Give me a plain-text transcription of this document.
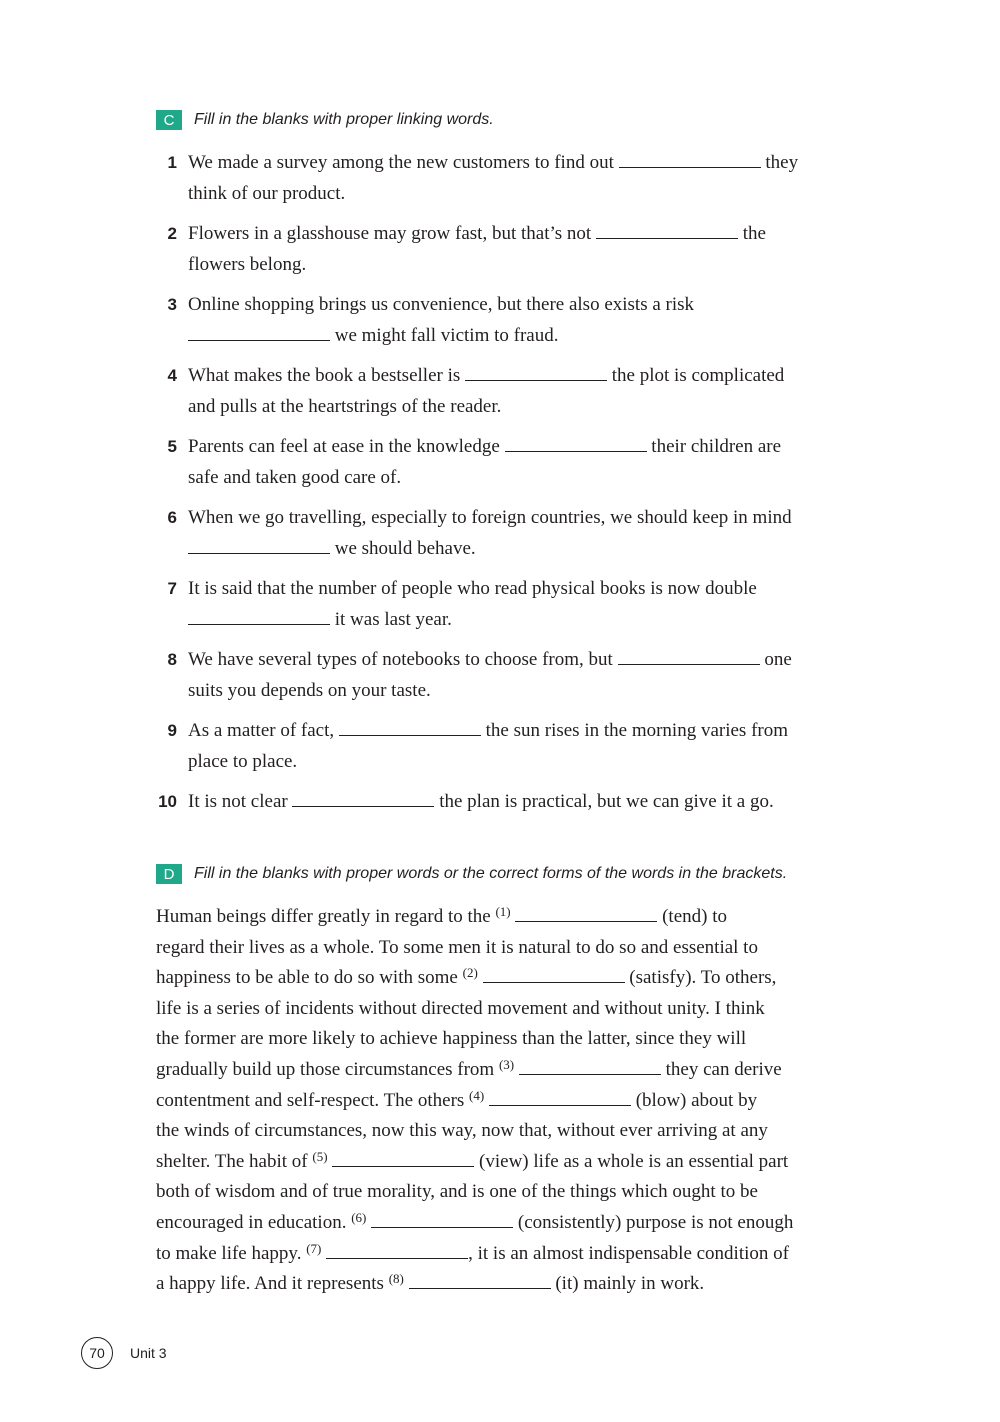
C	Fill in the blanks with proper linking words.
1 We made a survey among the new customers to find out	they
think of our product.
2 Flowers in a glasshouse may grow fast, but that’s not	the
flowers belong.
3 Online shopping brings us convenience, but there also exists a risk
we might fall victim to fraud.
4 What makes the book a bestseller is	the plot is complicated
and pulls at the heartstrings of the reader.
5 Parents can feel at ease in the knowledge	their children are
safe and taken good care of.
6 When we go travelling, especially to foreign countries, we should keep in mind
we should behave.
7 It is said that the number of people who read physical books is now double
it was last year.
8 We have several types of notebooks to choose from, but	one
suits you depends on your taste.
9 As a matter of fact,	the sun rises in the morning varies from
place to place.
10 It is not clear	the plan is practical, but we can give it a go.
D	Fill in the blanks with proper words or the correct forms of the words in the brackets.
Human beings differ greatly in regard to the $^{(1)}$	(tend) to
regard their lives as a whole. To some men it is natural to do so and essential to
happiness to be able to do so with some $^{(2)}$	(satisfy). To others,
life is a series of incidents without directed movement and without unity. I think
the former are more likely to achieve happiness than the latter, since they will
gradually build up those circumstances from $^{(3)}$	they can derive
contentment and self-respect. The others $^{(4)}$	(blow) about by
the winds of circumstances, now this way, now that, without ever arriving at any
shelter. The habit of $^{(5)}$	(view) life as a whole is an essential part
both of wisdom and of true morality, and is one of the things which ought to be
encouraged in education. $^{(6)}$	(consistently) purpose is not enough
to make life happy. $^{(7)}$	, it is an almost indispensable condition of
a happy life. And it represents $^{(8)}$	(it) mainly in work.
70	Unit 3
